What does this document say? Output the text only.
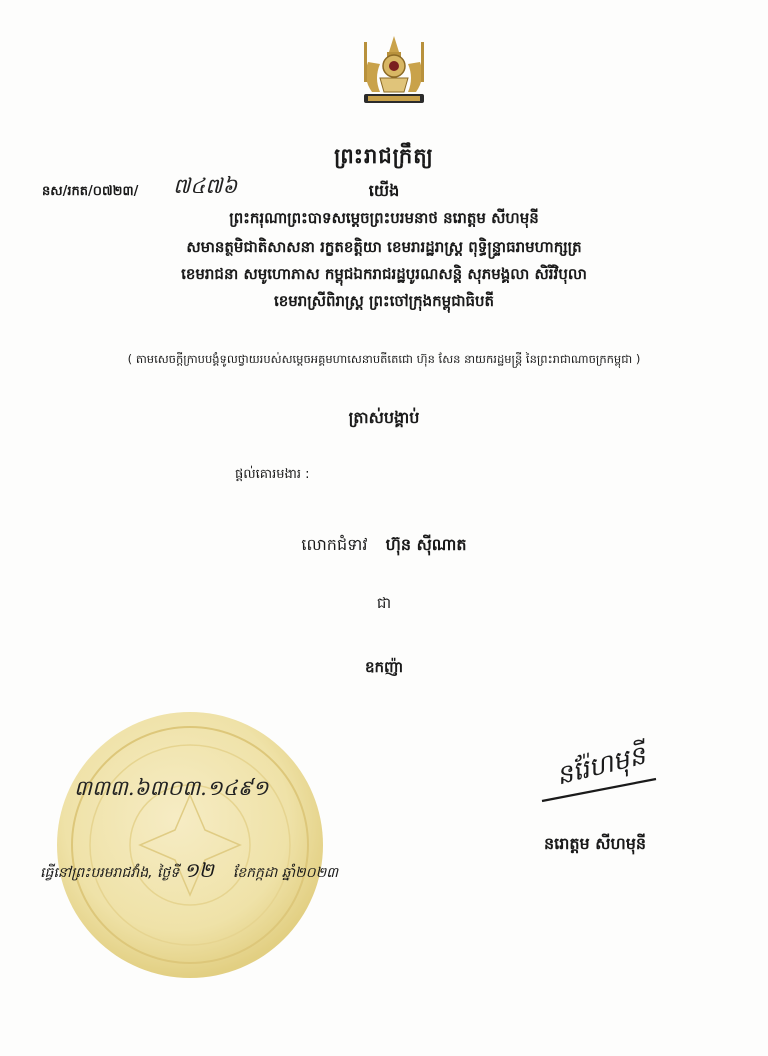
ព្រះរាជក្រឹត្យ
នស/រកត/០៧២៣/ ៧៤៧៦	យើង
ព្រះករុណាព្រះបាទសម្តេចព្រះបរមនាថ នរោត្តម សីហមុនី
សមានត្ថមិជាតិសាសនា រក្ខតខត្តិយា ខេមរារដ្ឋរាស្ត្រ ពុទ្ធិន្ទ្រាធរាមហាក្សត្រ
ខេមរាជនា សមូហោភាស កម្ពុជឯករាជរដ្ឋបូរណសន្តិ សុភមង្គលា សិរីវិបុលា
ខេមរាស្រីពិរាស្ត្រ ព្រះចៅក្រុងកម្ពុជាធិបតី
( តាមសេចក្តីក្រាបបង្គំទូលថ្វាយរបស់សម្តេចអគ្គមហាសេនាបតីតេជោ ហ៊ុន សែន នាយករដ្ឋមន្ត្រី នៃព្រះរាជាណាចក្រកម្ពុជា )
ត្រាស់បង្គាប់
ផ្តល់គោរមងារ :
លោកជំទាវ ហ៊ុន ស៊ីណាត
ជា
ឧកញ៉ា
៣៣៣.៦៣០៣.១៤៩១
ធ្វើនៅព្រះបរមរាជវាំង, ថ្ងៃទី ១២ ខែកក្កដា ឆ្នាំ២០២៣
នរ៉ែហមុនី
នរោត្តម សីហមុនី
